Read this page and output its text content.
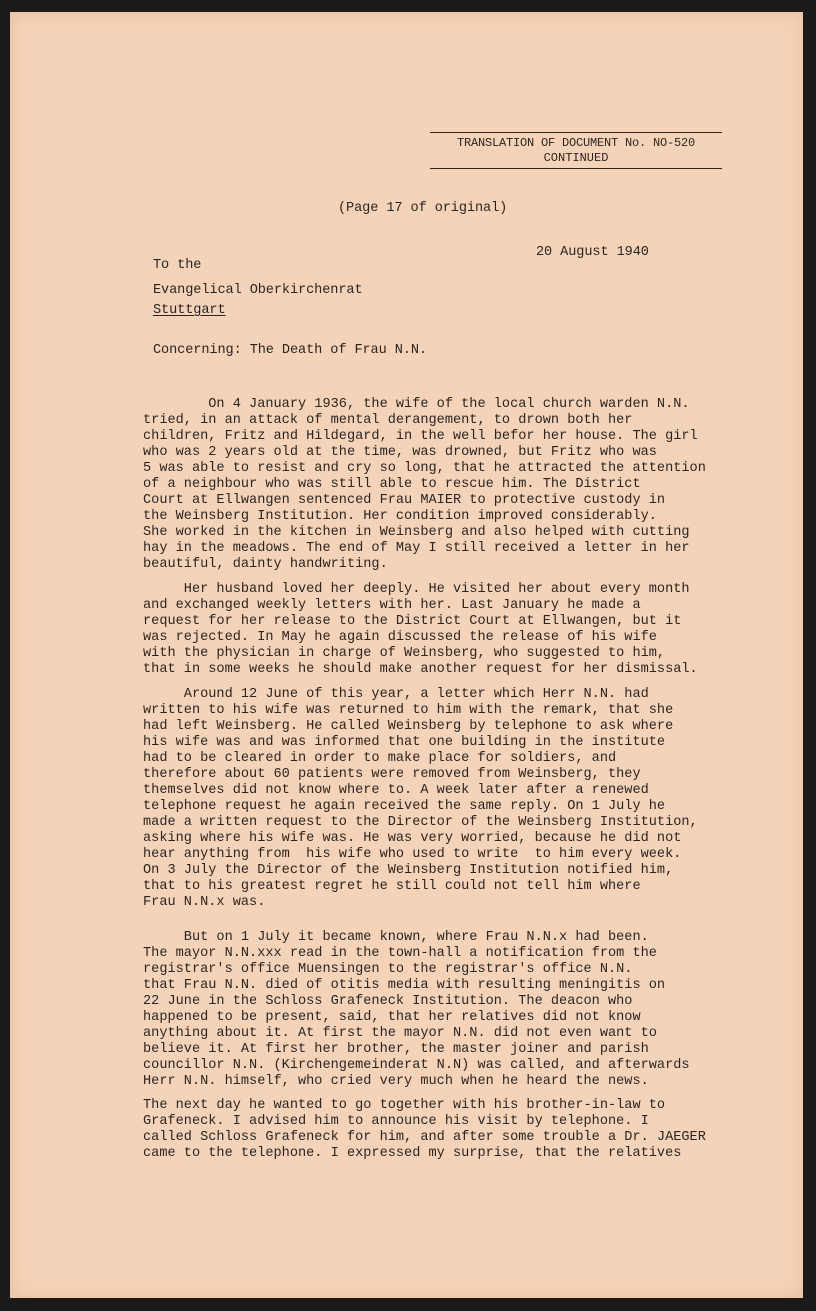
TRANSLATION OF DOCUMENT No. NO-520
CONTINUED
(Page 17 of original)
20 August 1940
To the
Evangelical Oberkirchenrat
Stuttgart
Concerning: The Death of Frau N.N.
On 4 January 1936, the wife of the local church warden N.N.
tried, in an attack of mental derangement, to drown both her
children, Fritz and Hildegard, in the well befor her house. The girl
who was 2 years old at the time, was drowned, but Fritz who was
5 was able to resist and cry so long, that he attracted the attention
of a neighbour who was still able to rescue him. The District
Court at Ellwangen sentenced Frau MAIER to protective custody in
the Weinsberg Institution. Her condition improved considerably.
She worked in the kitchen in Weinsberg and also helped with cutting
hay in the meadows. The end of May I still received a letter in her
beautiful, dainty handwriting.
Her husband loved her deeply. He visited her about every month
and exchanged weekly letters with her. Last January he made a
request for her release to the District Court at Ellwangen, but it
was rejected. In May he again discussed the release of his wife
with the physician in charge of Weinsberg, who suggested to him,
that in some weeks he should make another request for her dismissal.
Around 12 June of this year, a letter which Herr N.N. had
written to his wife was returned to him with the remark, that she
had left Weinsberg. He called Weinsberg by telephone to ask where
his wife was and was informed that one building in the institute
had to be cleared in order to make place for soldiers, and
therefore about 60 patients were removed from Weinsberg, they
themselves did not know where to. A week later after a renewed
telephone request he again received the same reply. On 1 July he
made a written request to the Director of the Weinsberg Institution,
asking where his wife was. He was very worried, because he did not
hear anything from  his wife who used to write  to him every week.
On 3 July the Director of the Weinsberg Institution notified him,
that to his greatest regret he still could not tell him where
Frau N.N.x was.
But on 1 July it became known, where Frau N.N.x had been.
The mayor N.N.xxx read in the town-hall a notification from the
registrar's office Muensingen to the registrar's office N.N.
that Frau N.N. died of otitis media with resulting meningitis on
22 June in the Schloss Grafeneck Institution. The deacon who
happened to be present, said, that her relatives did not know
anything about it. At first the mayor N.N. did not even want to
believe it. At first her brother, the master joiner and parish
councillor N.N. (Kirchengemeinderat N.N) was called, and afterwards
Herr N.N. himself, who cried very much when he heard the news.
The next day he wanted to go together with his brother-in-law to
Grafeneck. I advised him to announce his visit by telephone. I
called Schloss Grafeneck for him, and after some trouble a Dr. JAEGER
came to the telephone. I expressed my surprise, that the relatives
